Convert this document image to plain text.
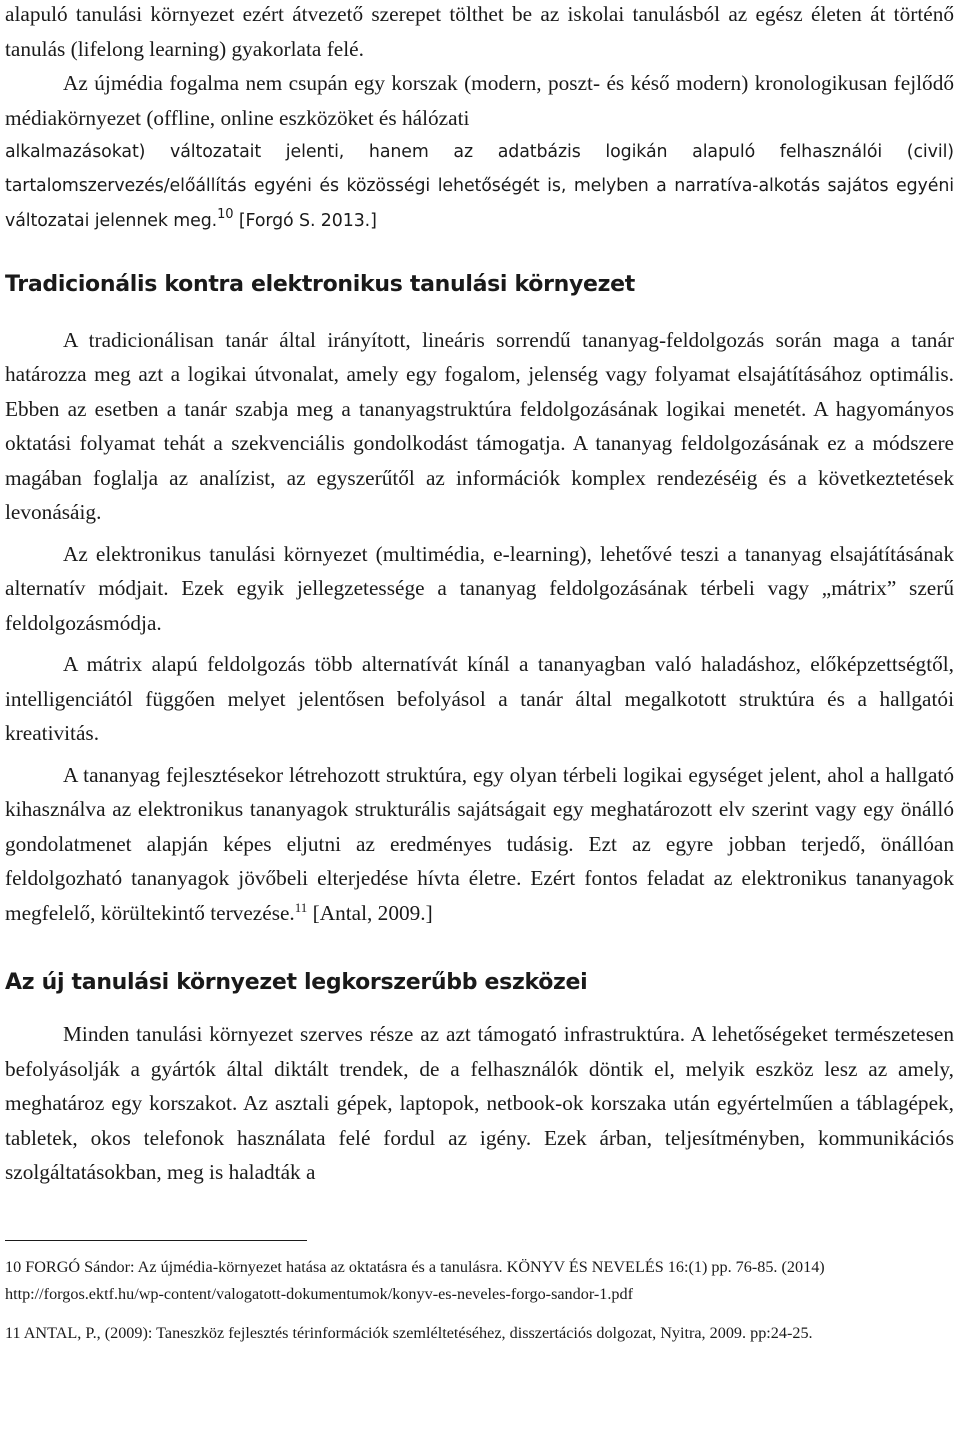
alapuló tanulási környezet ezért átvezető szerepet tölthet be az iskolai tanulásból az egész életen át történő tanulás (lifelong learning) gyakorlata felé.

Az újmédia fogalma nem csupán egy korszak (modern, poszt- és késő modern) kronologikusan fejlődő médiakörnyezet (offline, online eszközöket és hálózati

alkalmazásokat) változatait jelenti, hanem az adatbázis logikán alapuló felhasználói (civil) tartalomszervezés/előállítás egyéni és közösségi lehetőségét is, melyben a narratíva-alkotás sajátos egyéni változatai jelennek meg.$^{10}$ [Forgó S. 2013.]

Tradicionális kontra elektronikus tanulási környezet

A tradicionálisan tanár által irányított, lineáris sorrendű tananyag-feldolgozás során maga a tanár határozza meg azt a logikai útvonalat, amely egy fogalom, jelenség vagy folyamat elsajátításához optimális. Ebben az esetben a tanár szabja meg a tananyagstruktúra feldolgozásának logikai menetét. A hagyományos oktatási folyamat tehát a szekvenciális gondolkodást támogatja. A tananyag feldolgozásának ez a módszere magában foglalja az analízist, az egyszerűtől az információk komplex rendezéséig és a következtetések levonásáig.

Az elektronikus tanulási környezet (multimédia, e-learning), lehetővé teszi a tananyag elsajátításának alternatív módjait. Ezek egyik jellegzetessége a tananyag feldolgozásának térbeli vagy „mátrix” szerű feldolgozásmódja.

A mátrix alapú feldolgozás több alternatívát kínál a tananyagban való haladáshoz, előképzettségtől, intelligenciától függően melyet jelentősen befolyásol a tanár által megalkotott struktúra és a hallgatói kreativitás.

A tananyag fejlesztésekor létrehozott struktúra, egy olyan térbeli logikai egységet jelent, ahol a hallgató kihasználva az elektronikus tananyagok strukturális sajátságait egy meghatározott elv szerint vagy egy önálló gondolatmenet alapján képes eljutni az eredményes tudásig. Ezt az egyre jobban terjedő, önállóan feldolgozható tananyagok jövőbeli elterjedése hívta életre. Ezért fontos feladat az elektronikus tananyagok megfelelő, körültekintő tervezése.$^{11}$ [Antal, 2009.]

Az új tanulási környezet legkorszerűbb eszközei

Minden tanulási környezet szerves része az azt támogató infrastruktúra. A lehetőségeket természetesen befolyásolják a gyártók által diktált trendek, de a felhasználók döntik el, melyik eszköz lesz az amely, meghatároz egy korszakot. Az asztali gépek, laptopok, netbook-ok korszaka után egyértelműen a táblagépek, tabletek, okos telefonok használata felé fordul az igény. Ezek árban, teljesítményben, kommunikációs szolgáltatásokban, meg is haladták a

10 FORGÓ Sándor: Az újmédia-környezet hatása az oktatásra és a tanulásra. KÖNYV ÉS NEVELÉS 16:(1) pp. 76-85. (2014)

http://forgos.ektf.hu/wp-content/valogatott-dokumentumok/konyv-es-neveles-forgo-sandor-1.pdf

11 ANTAL, P., (2009): Taneszköz fejlesztés térinformációk szemléltetéséhez, disszertációs dolgozat, Nyitra, 2009. pp:24-25.
